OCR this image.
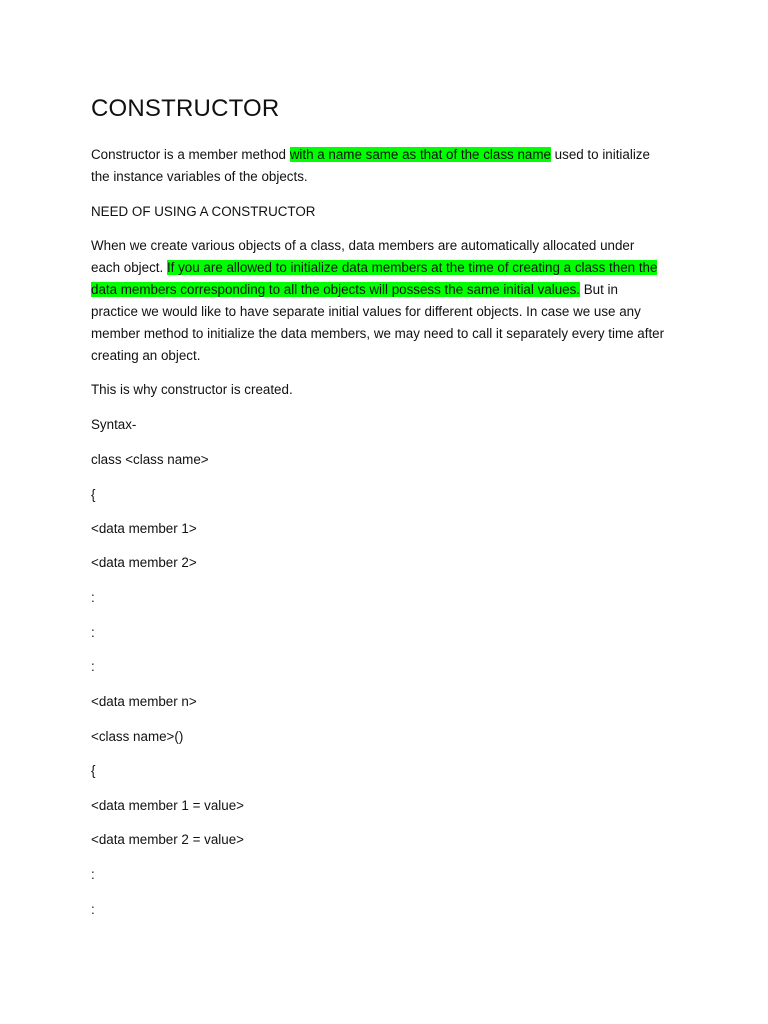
CONSTRUCTOR
Constructor is a member method with a name same as that of the class name used to initialize the instance variables of the objects.
NEED OF USING A CONSTRUCTOR
When we create various objects of a class, data members are automatically allocated under each object. If you are allowed to initialize data members at the time of creating a class then the data members corresponding to all the objects will possess the same initial values. But in practice we would like to have separate initial values for different objects. In case we use any member method to initialize the data members, we may need to call it separately every time after creating an object.
This is why constructor is created.
Syntax-
class <class name>
{
<data member 1>
<data member 2>
:
:
:
<data member n>
<class name>()
{
<data member 1 = value>
<data member 2 = value>
:
:
